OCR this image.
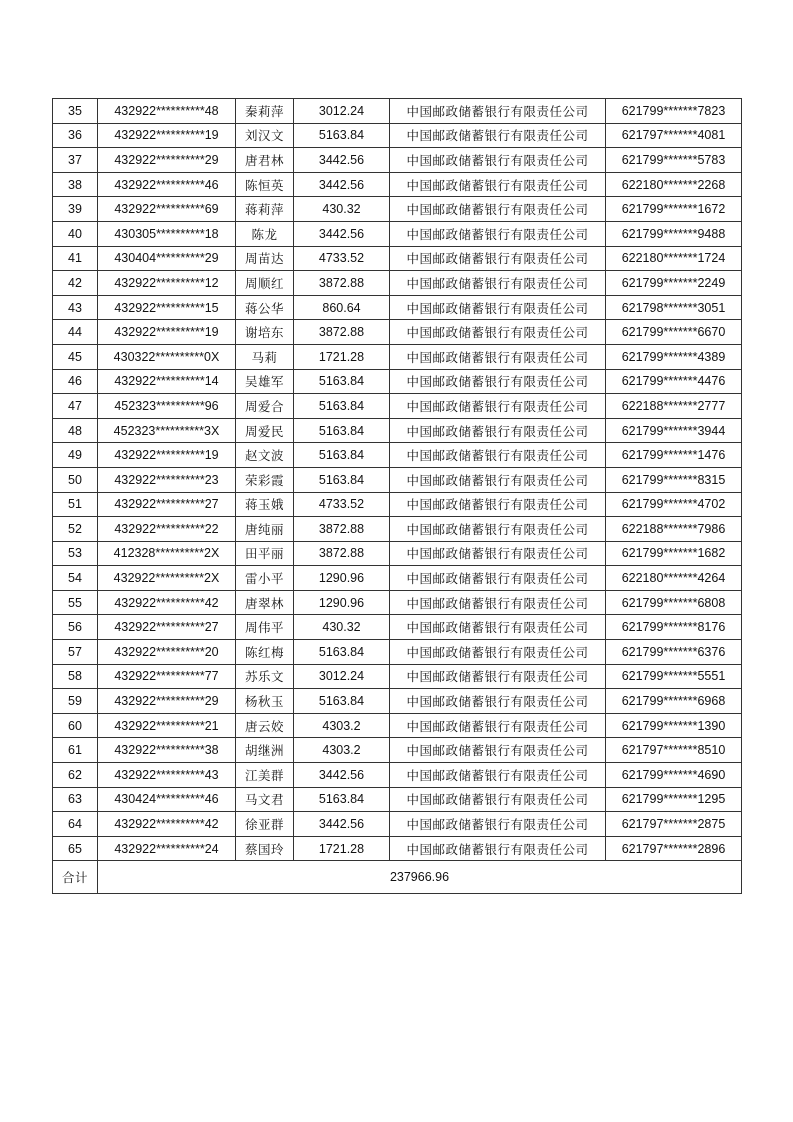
35	432922**********48	秦莉萍	3012.24	中国邮政储蓄银行有限责任公司	621799*******7823
36	432922**********19	刘汉文	5163.84	中国邮政储蓄银行有限责任公司	621797*******4081
37	432922**********29	唐君林	3442.56	中国邮政储蓄银行有限责任公司	621799*******5783
38	432922**********46	陈恒英	3442.56	中国邮政储蓄银行有限责任公司	622180*******2268
39	432922**********69	蒋莉萍	430.32	中国邮政储蓄银行有限责任公司	621799*******1672
40	430305**********18	陈龙	3442.56	中国邮政储蓄银行有限责任公司	621799*******9488
41	430404**********29	周苗达	4733.52	中国邮政储蓄银行有限责任公司	622180*******1724
42	432922**********12	周顺红	3872.88	中国邮政储蓄银行有限责任公司	621799*******2249
43	432922**********15	蒋公华	860.64	中国邮政储蓄银行有限责任公司	621798*******3051
44	432922**********19	谢培东	3872.88	中国邮政储蓄银行有限责任公司	621799*******6670
45	430322**********0X	马莉	1721.28	中国邮政储蓄银行有限责任公司	621799*******4389
46	432922**********14	吴雄军	5163.84	中国邮政储蓄银行有限责任公司	621799*******4476
47	452323**********96	周爱合	5163.84	中国邮政储蓄银行有限责任公司	622188*******2777
48	452323**********3X	周爱民	5163.84	中国邮政储蓄银行有限责任公司	621799*******3944
49	432922**********19	赵文波	5163.84	中国邮政储蓄银行有限责任公司	621799*******1476
50	432922**********23	荣彩霞	5163.84	中国邮政储蓄银行有限责任公司	621799*******8315
51	432922**********27	蒋玉娥	4733.52	中国邮政储蓄银行有限责任公司	621799*******4702
52	432922**********22	唐纯丽	3872.88	中国邮政储蓄银行有限责任公司	622188*******7986
53	412328**********2X	田平丽	3872.88	中国邮政储蓄银行有限责任公司	621799*******1682
54	432922**********2X	雷小平	1290.96	中国邮政储蓄银行有限责任公司	622180*******4264
55	432922**********42	唐翠林	1290.96	中国邮政储蓄银行有限责任公司	621799*******6808
56	432922**********27	周伟平	430.32	中国邮政储蓄银行有限责任公司	621799*******8176
57	432922**********20	陈红梅	5163.84	中国邮政储蓄银行有限责任公司	621799*******6376
58	432922**********77	苏乐文	3012.24	中国邮政储蓄银行有限责任公司	621799*******5551
59	432922**********29	杨秋玉	5163.84	中国邮政储蓄银行有限责任公司	621799*******6968
60	432922**********21	唐云姣	4303.2	中国邮政储蓄银行有限责任公司	621799*******1390
61	432922**********38	胡继洲	4303.2	中国邮政储蓄银行有限责任公司	621797*******8510
62	432922**********43	江美群	3442.56	中国邮政储蓄银行有限责任公司	621799*******4690
63	430424**********46	马文君	5163.84	中国邮政储蓄银行有限责任公司	621799*******1295
64	432922**********42	徐亚群	3442.56	中国邮政储蓄银行有限责任公司	621797*******2875
65	432922**********24	蔡国玲	1721.28	中国邮政储蓄银行有限责任公司	621797*******2896
合计	237966.96				
